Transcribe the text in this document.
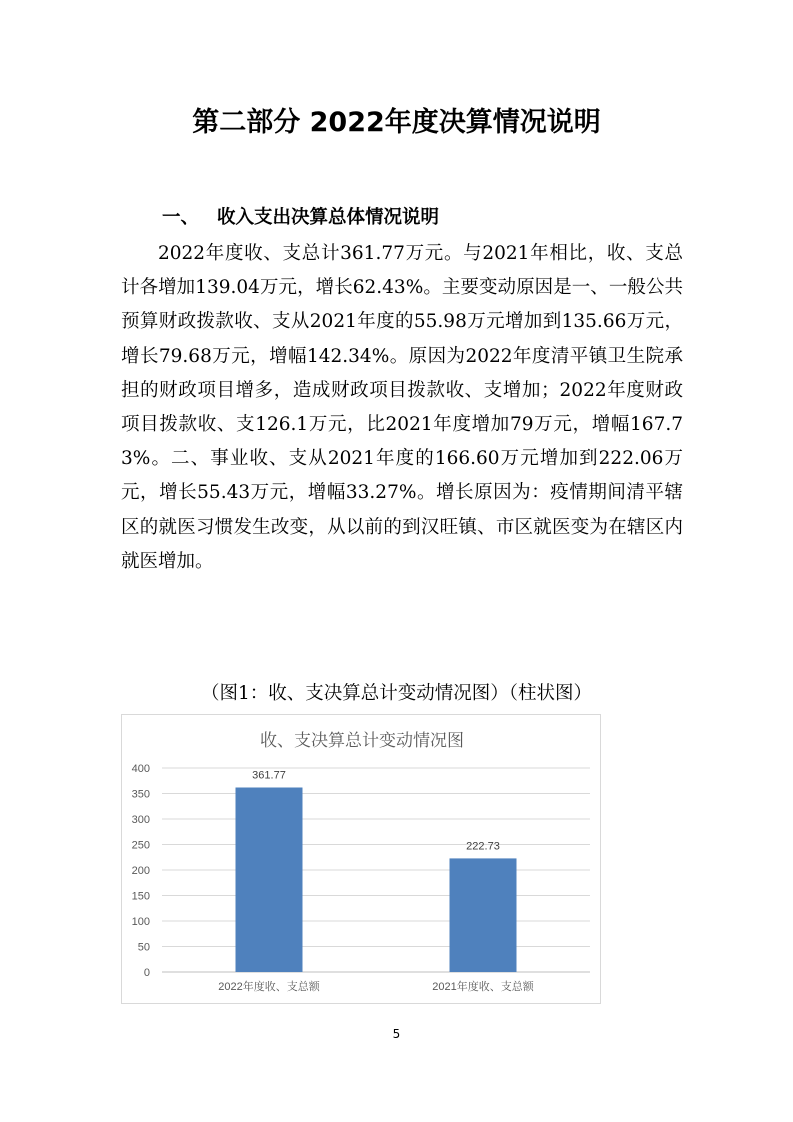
第二部分 2022年度决算情况说明
一、 收入支出决算总体情况说明

2022年度收、支总计361.77万元。与2021年相比，收、支总计各增加139.04万元，增长62.43%。主要变动原因是一、一般公共预算财政拨款收、支从2021年度的55.98万元增加到135.66万元，增长79.68万元，增幅142.34%。原因为2022年度清平镇卫生院承担的财政项目增多，造成财政项目拨款收、支增加；2022年度财政项目拨款收、支126.1万元，比2021年度增加79万元，增幅167.73%。二、事业收、支从2021年度的166.60万元增加到222.06万元，增长55.43万元，增幅33.27%。增长原因为：疫情期间清平辖区的就医习惯发生改变，从以前的到汉旺镇、市区就医变为在辖区内就医增加。

（图1：收、支决算总计变动情况图）（柱状图）
收、支决算总计变动情况图
0
50
100
150
200
250
300
350
400
361.77
2022年度收、支总额
222.73
2021年度收、支总额
5
